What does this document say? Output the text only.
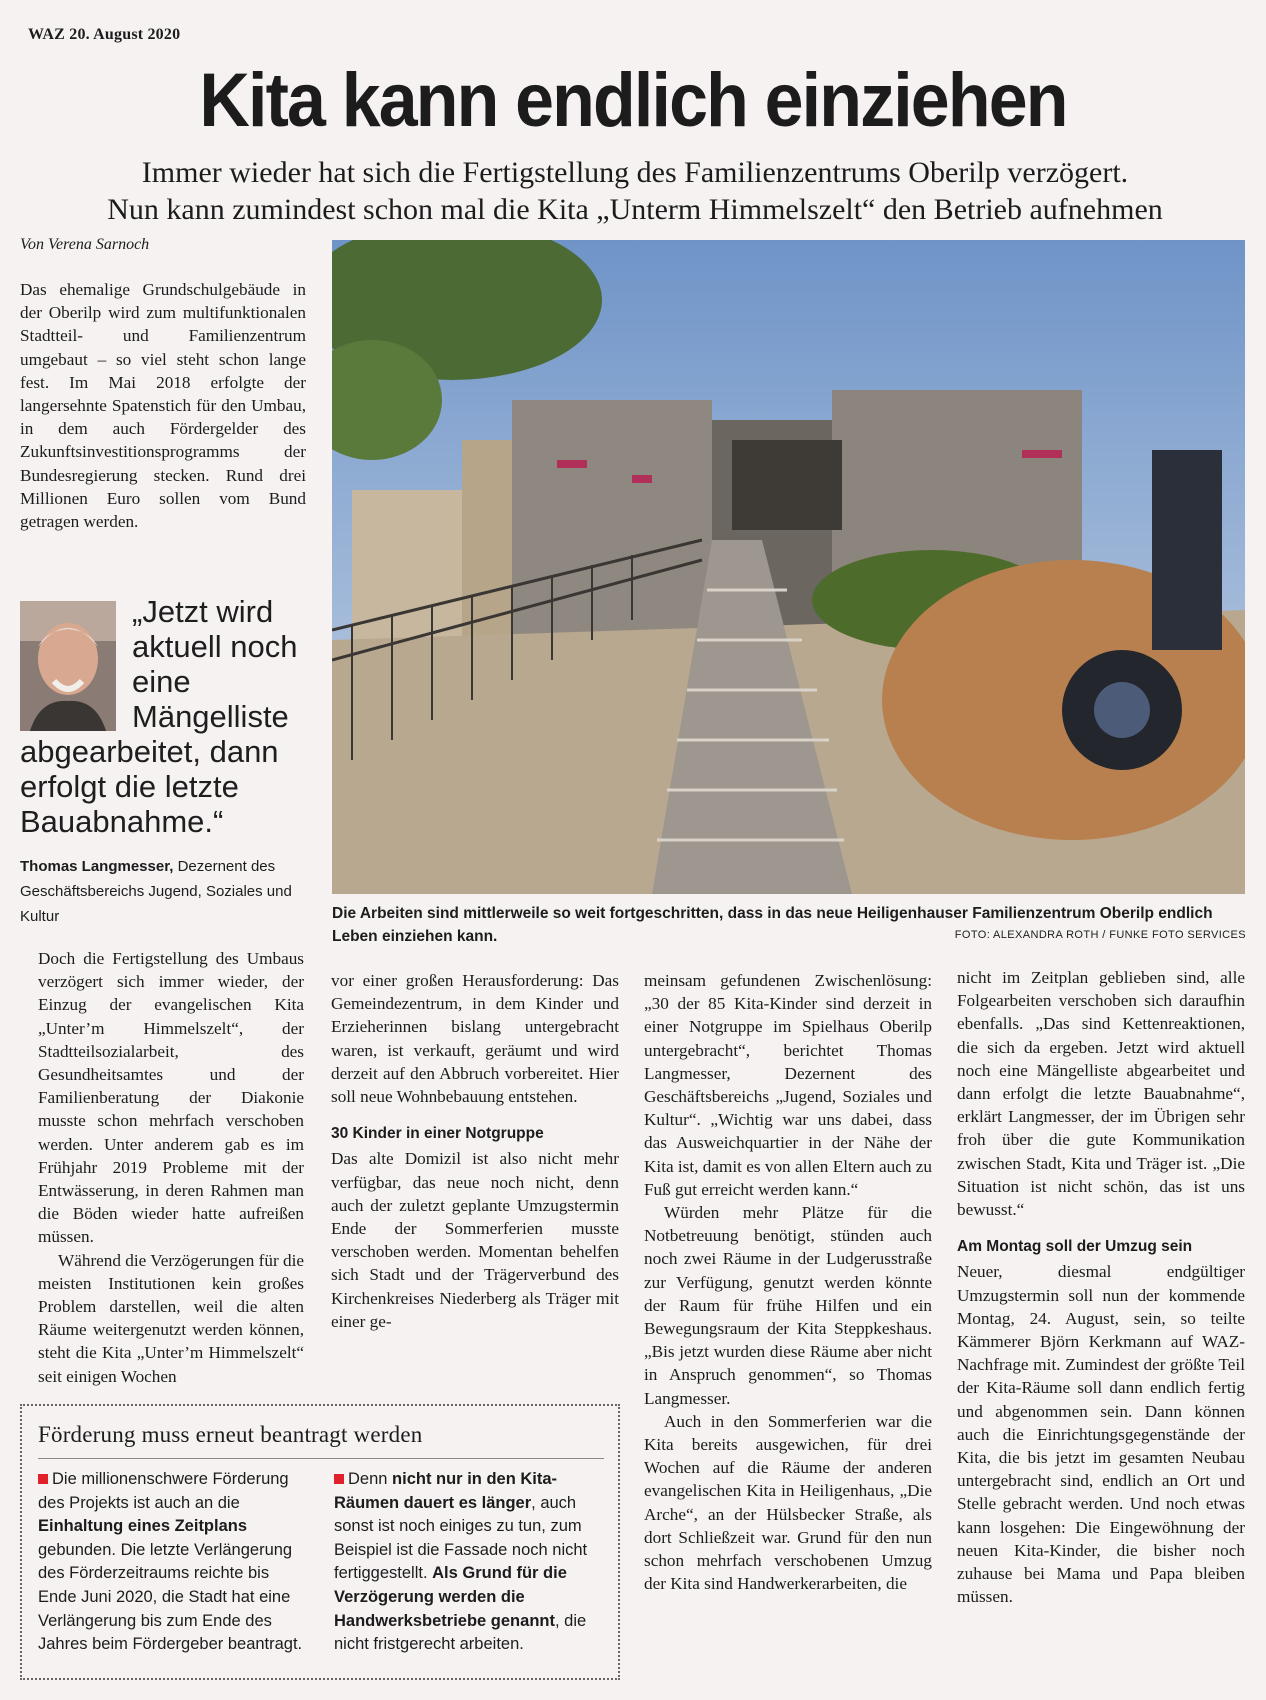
WAZ 20. August 2020
Kita kann endlich einziehen
Immer wieder hat sich die Fertigstellung des Familienzentrums Oberilp verzögert.
Nun kann zumindest schon mal die Kita „Unterm Himmelszelt“ den Betrieb aufnehmen
Von Verena Sarnoch

Das ehemalige Grundschulgebäude in der Oberilp wird zum multifunktionalen Stadtteil- und Familienzentrum umgebaut – so viel steht schon lange fest. Im Mai 2018 erfolgte der langersehnte Spatenstich für den Umbau, in dem auch Fördergelder des Zukunftsinvestitionsprogramms der Bundesregierung stecken. Rund drei Millionen Euro sollen vom Bund getragen werden.

„Jetzt wird aktuell noch eine Mängelliste
abgearbeitet, dann erfolgt die letzte Bauabnahme.“
Thomas Langmesser, Dezernent des Geschäftsbereichs Jugend, Soziales und Kultur	Die Arbeiten sind mittlerweile so weit fortgeschritten, dass in das neue Heiligenhauser Familienzentrum Oberilp endlich Leben einziehen kann.	FOTO: ALEXANDRA ROTH / FUNKE FOTO SERVICES

Doch die Fertigstellung des Umbaus verzögert sich immer wieder, der Einzug der evangelischen Kita „Unter’m Himmelszelt“, der Stadtteilsozialarbeit, des Gesundheitsamtes und der Familienberatung der Diakonie musste schon mehrfach verschoben werden. Unter anderem gab es im Frühjahr 2019 Probleme mit der Entwässerung, in deren Rahmen man die Böden wieder hatte aufreißen müssen.

Während die Verzögerungen für die meisten Institutionen kein großes Problem darstellen, weil die alten Räume weitergenutzt werden können, steht die Kita „Unter’m Himmelszelt“ seit einigen Wochen

vor einer großen Herausforderung: Das Gemeindezentrum, in dem Kinder und Erzieherinnen bislang untergebracht waren, ist verkauft, geräumt und wird derzeit auf den Abbruch vorbereitet. Hier soll neue Wohnbebauung entstehen.

30 Kinder in einer Notgruppe

Das alte Domizil ist also nicht mehr verfügbar, das neue noch nicht, denn auch der zuletzt geplante Umzugstermin Ende der Sommerferien musste verschoben werden. Momentan behelfen sich Stadt und der Trägerverbund des Kirchenkreises Niederberg als Träger mit einer ge-

meinsam gefundenen Zwischenlösung: „30 der 85 Kita-Kinder sind derzeit in einer Notgruppe im Spielhaus Oberilp untergebracht“, berichtet Thomas Langmesser, Dezernent des Geschäftsbereichs „Jugend, Soziales und Kultur“. „Wichtig war uns dabei, dass das Ausweichquartier in der Nähe der Kita ist, damit es von allen Eltern auch zu Fuß gut erreicht werden kann.“

Würden mehr Plätze für die Notbetreuung benötigt, stünden auch noch zwei Räume in der Ludgerusstraße zur Verfügung, genutzt werden könnte der Raum für frühe Hilfen und ein Bewegungsraum der Kita Steppkeshaus. „Bis jetzt wurden diese Räume aber nicht in Anspruch genommen“, so Thomas Langmesser.

Auch in den Sommerferien war die Kita bereits ausgewichen, für drei Wochen auf die Räume der anderen evangelischen Kita in Heiligenhaus, „Die Arche“, an der Hülsbecker Straße, als dort Schließzeit war. Grund für den nun schon mehrfach verschobenen Umzug der Kita sind Handwerkerarbeiten, die

nicht im Zeitplan geblieben sind, alle Folgearbeiten verschoben sich daraufhin ebenfalls. „Das sind Kettenreaktionen, die sich da ergeben. Jetzt wird aktuell noch eine Mängelliste abgearbeitet und dann erfolgt die letzte Bauabnahme“, erklärt Langmesser, der im Übrigen sehr froh über die gute Kommunikation zwischen Stadt, Kita und Träger ist. „Die Situation ist nicht schön, das ist uns bewusst.“

Am Montag soll der Umzug sein

Neuer, diesmal endgültiger Umzugstermin soll nun der kommende Montag, 24. August, sein, so teilte Kämmerer Björn Kerkmann auf WAZ-Nachfrage mit. Zumindest der größte Teil der Kita-Räume soll dann endlich fertig und abgenommen sein. Dann können auch die Einrichtungsgegenstände der Kita, die bis jetzt im gesamten Neubau untergebracht sind, endlich an Ort und Stelle gebracht werden. Und noch etwas kann losgehen: Die Eingewöhnung der neuen Kita-Kinder, die bisher noch zuhause bei Mama und Papa bleiben müssen.

Förderung muss erneut beantragt werden
Die millionenschwere Förderung des Projekts ist auch an die Einhaltung eines Zeitplans gebunden. Die letzte Verlängerung des Förderzeitraums reichte bis Ende Juni 2020, die Stadt hat eine Verlängerung bis zum Ende des Jahres beim Fördergeber beantragt.
Denn nicht nur in den Kita-Räumen dauert es länger, auch sonst ist noch einiges zu tun, zum Beispiel ist die Fassade noch nicht fertiggestellt. Als Grund für die Verzögerung werden die Handwerksbetriebe genannt, die nicht fristgerecht arbeiten.
